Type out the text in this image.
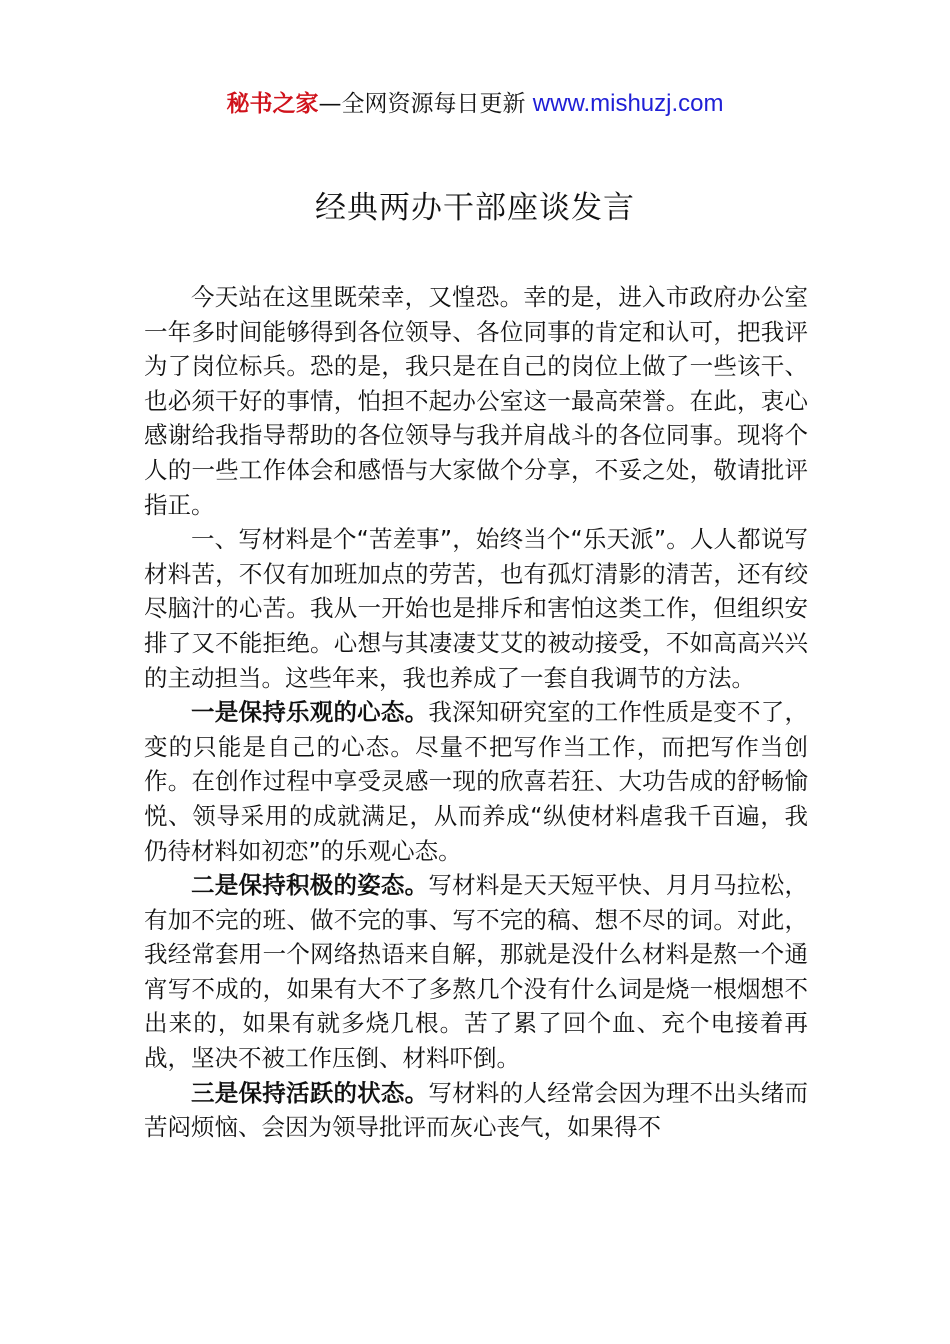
秘书之家—全网资源每日更新 www.mishuzj.com
经典两办干部座谈发言

今天站在这里既荣幸，又惶恐。幸的是，进入市政府办公室一年多时间能够得到各位领导、各位同事的肯定和认可，把我评为了岗位标兵。恐的是，我只是在自己的岗位上做了一些该干、也必须干好的事情，怕担不起办公室这一最高荣誉。在此，衷心感谢给我指导帮助的各位领导与我并肩战斗的各位同事。现将个人的一些工作体会和感悟与大家做个分享，不妥之处，敬请批评指正。

一、写材料是个“苦差事”，始终当个“乐天派”。人人都说写材料苦，不仅有加班加点的劳苦，也有孤灯清影的清苦，还有绞尽脑汁的心苦。我从一开始也是排斥和害怕这类工作，但组织安排了又不能拒绝。心想与其凄凄艾艾的被动接受，不如高高兴兴的主动担当。这些年来，我也养成了一套自我调节的方法。

一是保持乐观的心态。我深知研究室的工作性质是变不了，变的只能是自己的心态。尽量不把写作当工作，而把写作当创作。在创作过程中享受灵感一现的欣喜若狂、大功告成的舒畅愉悦、领导采用的成就满足，从而养成“纵使材料虐我千百遍，我仍待材料如初恋”的乐观心态。

二是保持积极的姿态。写材料是天天短平快、月月马拉松，有加不完的班、做不完的事、写不完的稿、想不尽的词。对此，我经常套用一个网络热语来自解，那就是没什么材料是熬一个通宵写不成的，如果有大不了多熬几个没有什么词是烧一根烟想不出来的，如果有就多烧几根。苦了累了回个血、充个电接着再战，坚决不被工作压倒、材料吓倒。

三是保持活跃的状态。写材料的人经常会因为理不出头绪而苦闷烦恼、会因为领导批评而灰心丧气，如果得不
